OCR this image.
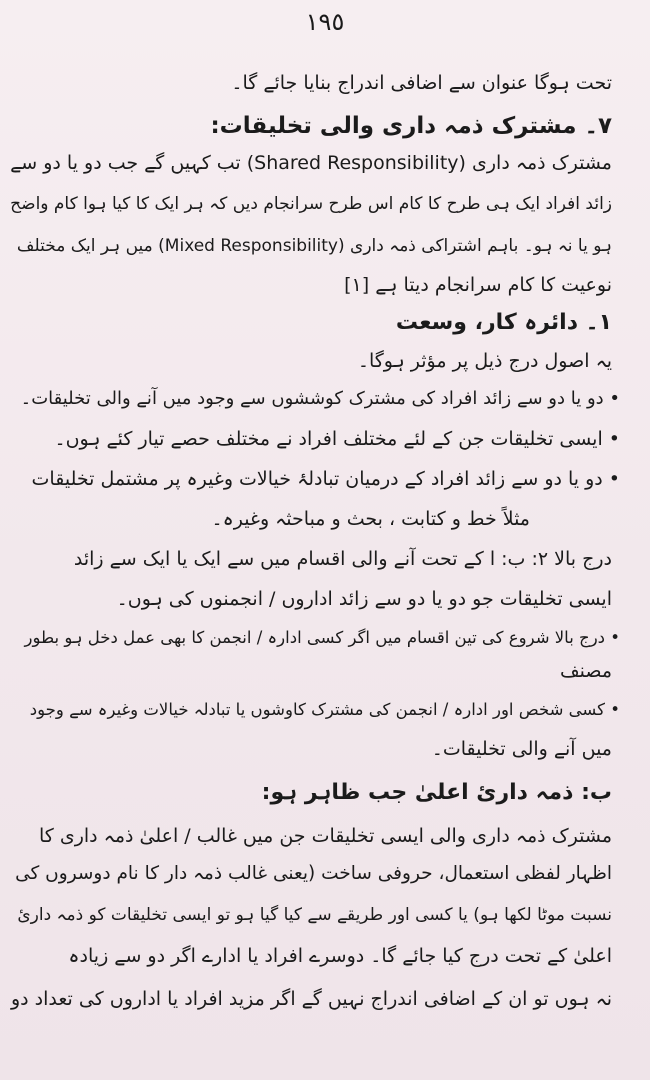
١٩٥
تحت ہوگا عنوان سے اضافی اندراج بنایا جائے گا۔
۷۔ مشترک ذمہ داری والی تخلیقات:
مشترک ذمہ داری (Shared Responsibility) تب کہیں گے جب دو یا دو سے
زائد افراد ایک ہی طرح کا کام اس طرح سرانجام دیں کہ ہر ایک کا کیا ہوا کام واضح
ہو یا نہ ہو۔ باہم اشتراکی ذمہ داری (Mixed Responsibility) میں ہر ایک مختلف
نوعیت کا کام سرانجام دیتا ہے [۱]
۱۔ دائرہ کار، وسعت
یہ اصول درج ذیل پر مؤثر ہوگا۔
• دو یا دو سے زائد افراد کی مشترک کوششوں سے وجود میں آنے والی تخلیقات۔
• ایسی تخلیقات جن کے لئے مختلف افراد نے مختلف حصے تیار کئے ہوں۔
• دو یا دو سے زائد افراد کے درمیان تبادلۂ خیالات وغیرہ پر مشتمل تخلیقات
مثلاً خط و کتابت ، بحث و مباحثہ وغیرہ۔
درج بالا ۲: ب: ا کے تحت آنے والی اقسام میں سے ایک یا ایک سے زائد
ایسی تخلیقات جو دو یا دو سے زائد اداروں / انجمنوں کی ہوں۔
• درج بالا شروع کی تین اقسام میں اگر کسی ادارہ / انجمن کا بھی عمل دخل ہو بطور
مصنف
• کسی شخص اور ادارہ / انجمن کی مشترک کاوشوں یا تبادلہ خیالات وغیرہ سے وجود
میں آنے والی تخلیقات۔
ب: ذمہ داریٔ اعلیٰ جب ظاہر ہو:
مشترک ذمہ داری والی ایسی تخلیقات جن میں غالب / اعلیٰ ذمہ داری کا
اظہار لفظی استعمال، حروفی ساخت (یعنی غالب ذمہ دار کا نام دوسروں کی
نسبت موٹا لکھا ہو) یا کسی اور طریقے سے کیا گیا ہو تو ایسی تخلیقات کو ذمہ داریٔ
اعلیٰ کے تحت درج کیا جائے گا۔ دوسرے افراد یا ادارے اگر دو سے زیادہ
نہ ہوں تو ان کے اضافی اندراج نہیں گے اگر مزید افراد یا اداروں کی تعداد دو
